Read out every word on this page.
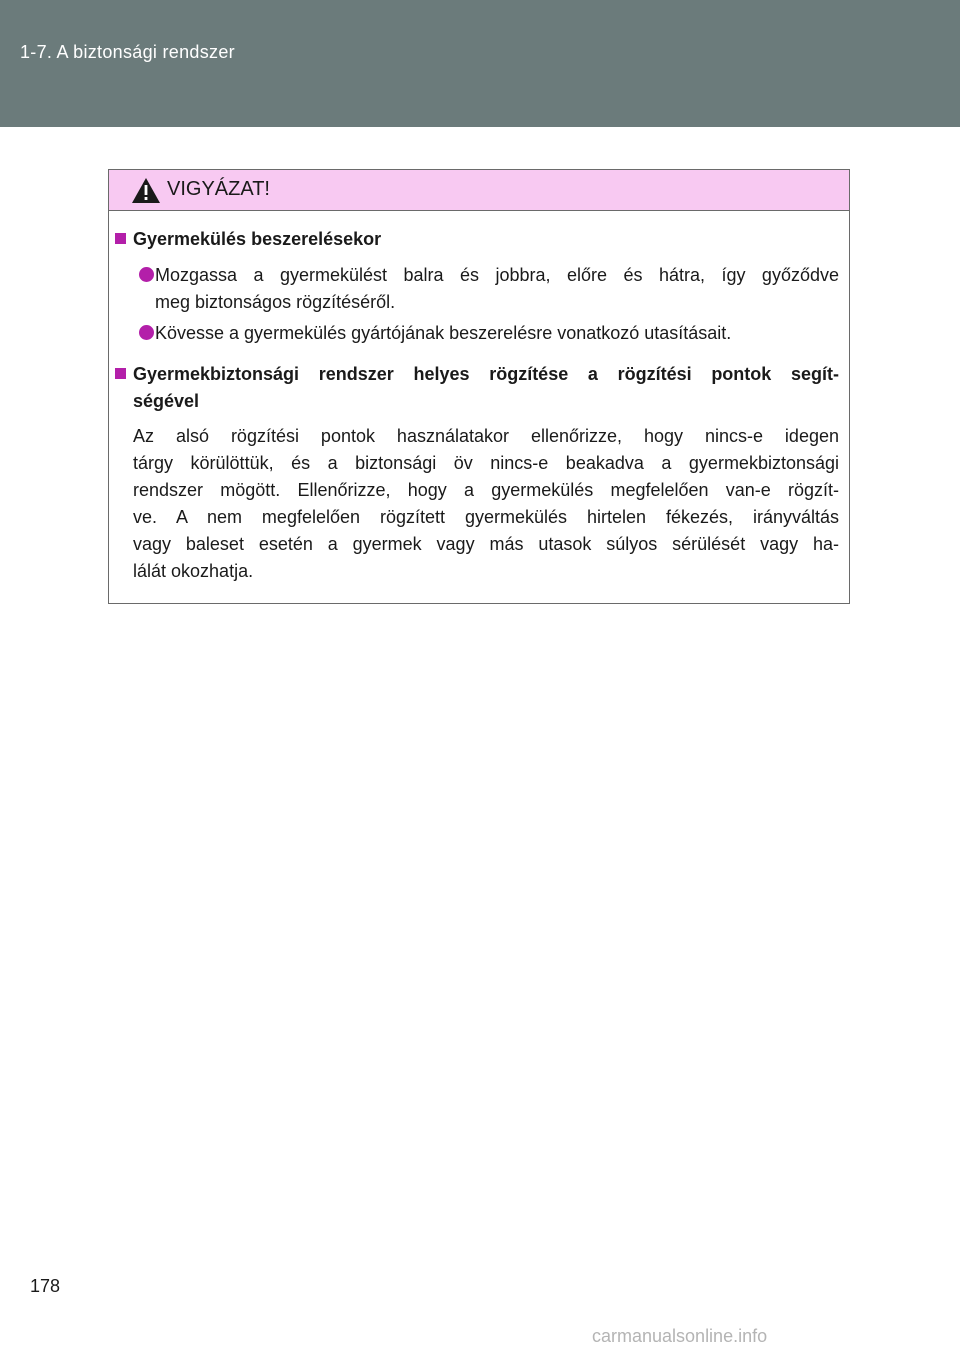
1-7. A biztonsági rendszer
VIGYÁZAT!
Gyermekülés beszerelésekor
Mozgassa a gyermekülést balra és jobbra, előre és hátra, így győződve
meg biztonságos rögzítéséről.
Kövesse a gyermekülés gyártójának beszerelésre vonatkozó utasításait.
Gyermekbiztonsági rendszer helyes rögzítése a rögzítési pontok segít-
ségével
Az alsó rögzítési pontok használatakor ellenőrizze, hogy nincs-e idegen
tárgy körülöttük, és a biztonsági öv nincs-e beakadva a gyermekbiztonsági
rendszer mögött. Ellenőrizze, hogy a gyermekülés megfelelően van-e rögzít-
ve. A nem megfelelően rögzített gyermekülés hirtelen fékezés, irányváltás
vagy baleset esetén a gyermek vagy más utasok súlyos sérülését vagy ha-
lálát okozhatja.
178
carmanualsonline.info
